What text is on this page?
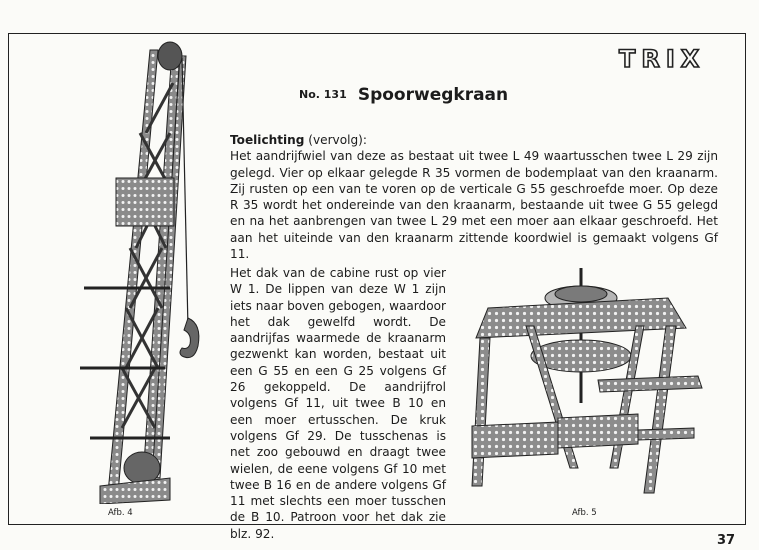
TRIX
No. 131 Spoorwegkraan
Toelichting (vervolg):
Het aandrijfwiel van deze as bestaat uit twee L 49 waartusschen twee L 29 zijn gelegd. Vier op elkaar gelegde R 35 vormen de bodemplaat van den kraanarm. Zij rusten op een van te voren op de verticale G 55 geschroefde moer. Op deze R 35 wordt het ondereinde van den kraanarm, bestaande uit twee G 55 gelegd en na het aanbrengen van twee L 29 met een moer aan elkaar geschroefd. Het aan het uiteinde van den kraanarm zittende koordwiel is gemaakt volgens Gf 11.
Het dak van de cabine rust op vier W 1. De lippen van deze W 1 zijn iets naar boven gebogen, waardoor het dak gewelfd wordt. De aandrijfas waarmede de kraanarm gezwenkt kan worden, bestaat uit een G 55 en een G 25 volgens Gf 26 gekoppeld. De aandrijfrol volgens Gf 11, uit twee B 10 en een moer ertusschen. De kruk volgens Gf 29. De tusschenas is net zoo gebouwd en draagt twee wielen, de eene volgens Gf 10 met twee B 16 en de andere volgens Gf 11 met slechts een moer tusschen de B 10. Patroon voor het dak zie blz. 92.
Afb. 4	Afb. 5
37
